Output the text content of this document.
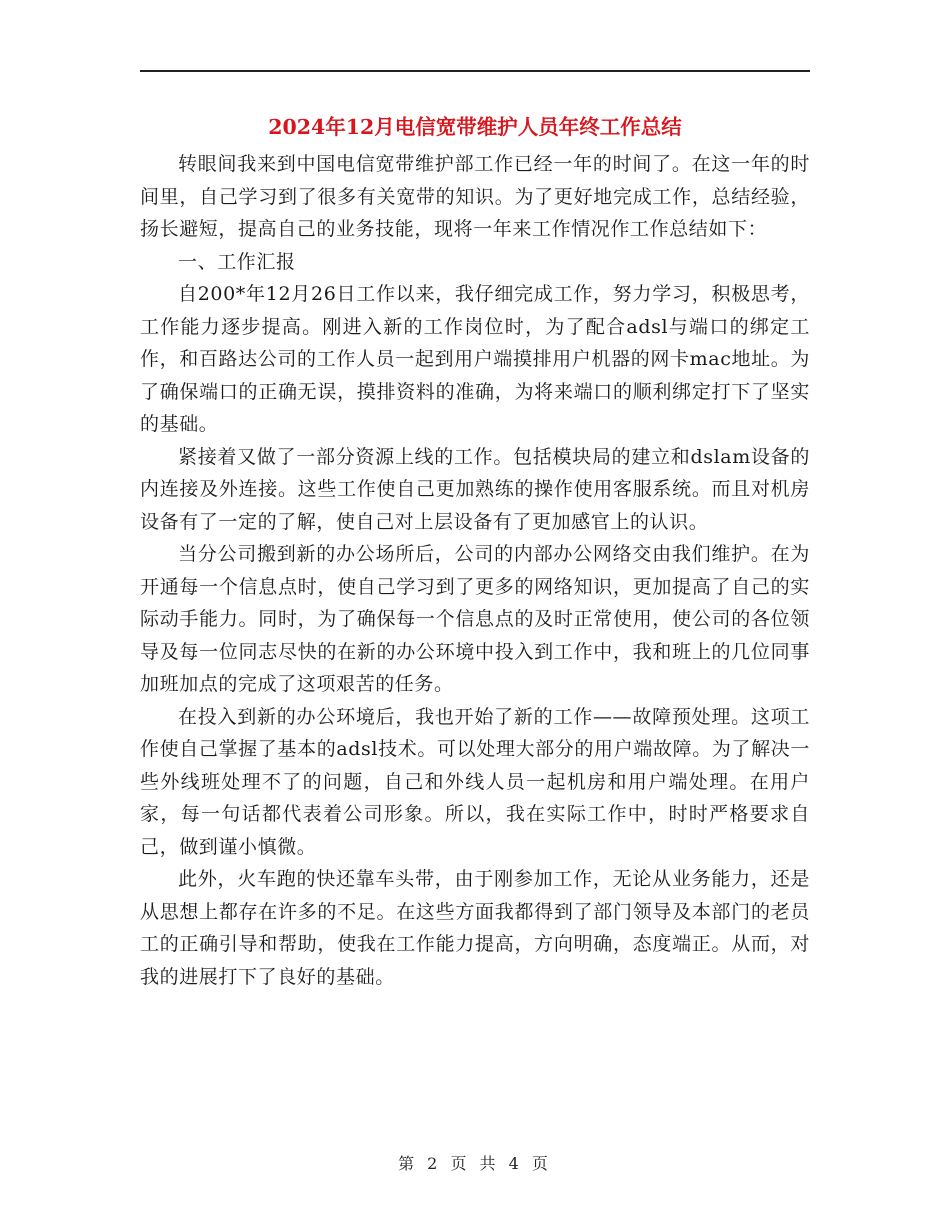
2024年12月电信宽带维护人员年终工作总结

转眼间我来到中国电信宽带维护部工作已经一年的时间了。在这一年的时间里，自己学习到了很多有关宽带的知识。为了更好地完成工作，总结经验，扬长避短，提高自己的业务技能，现将一年来工作情况作工作总结如下：

一、工作汇报

自200*年12月26日工作以来，我仔细完成工作，努力学习，积极思考，工作能力逐步提高。刚进入新的工作岗位时，为了配合adsl与端口的绑定工作，和百路达公司的工作人员一起到用户端摸排用户机器的网卡mac地址。为了确保端口的正确无误，摸排资料的准确，为将来端口的顺利绑定打下了坚实的基础。

紧接着又做了一部分资源上线的工作。包括模块局的建立和dslam设备的内连接及外连接。这些工作使自己更加熟练的操作使用客服系统。而且对机房设备有了一定的了解，使自己对上层设备有了更加感官上的认识。

当分公司搬到新的办公场所后，公司的内部办公网络交由我们维护。在为开通每一个信息点时，使自己学习到了更多的网络知识，更加提高了自己的实际动手能力。同时，为了确保每一个信息点的及时正常使用，使公司的各位领导及每一位同志尽快的在新的办公环境中投入到工作中，我和班上的几位同事加班加点的完成了这项艰苦的任务。

在投入到新的办公环境后，我也开始了新的工作——故障预处理。这项工作使自己掌握了基本的adsl技术。可以处理大部分的用户端故障。为了解决一些外线班处理不了的问题，自己和外线人员一起机房和用户端处理。在用户家，每一句话都代表着公司形象。所以，我在实际工作中，时时严格要求自己，做到谨小慎微。

此外，火车跑的快还靠车头带，由于刚参加工作，无论从业务能力，还是从思想上都存在许多的不足。在这些方面我都得到了部门领导及本部门的老员工的正确引导和帮助，使我在工作能力提高，方向明确，态度端正。从而，对我的进展打下了良好的基础。

第 2 页 共 4 页
